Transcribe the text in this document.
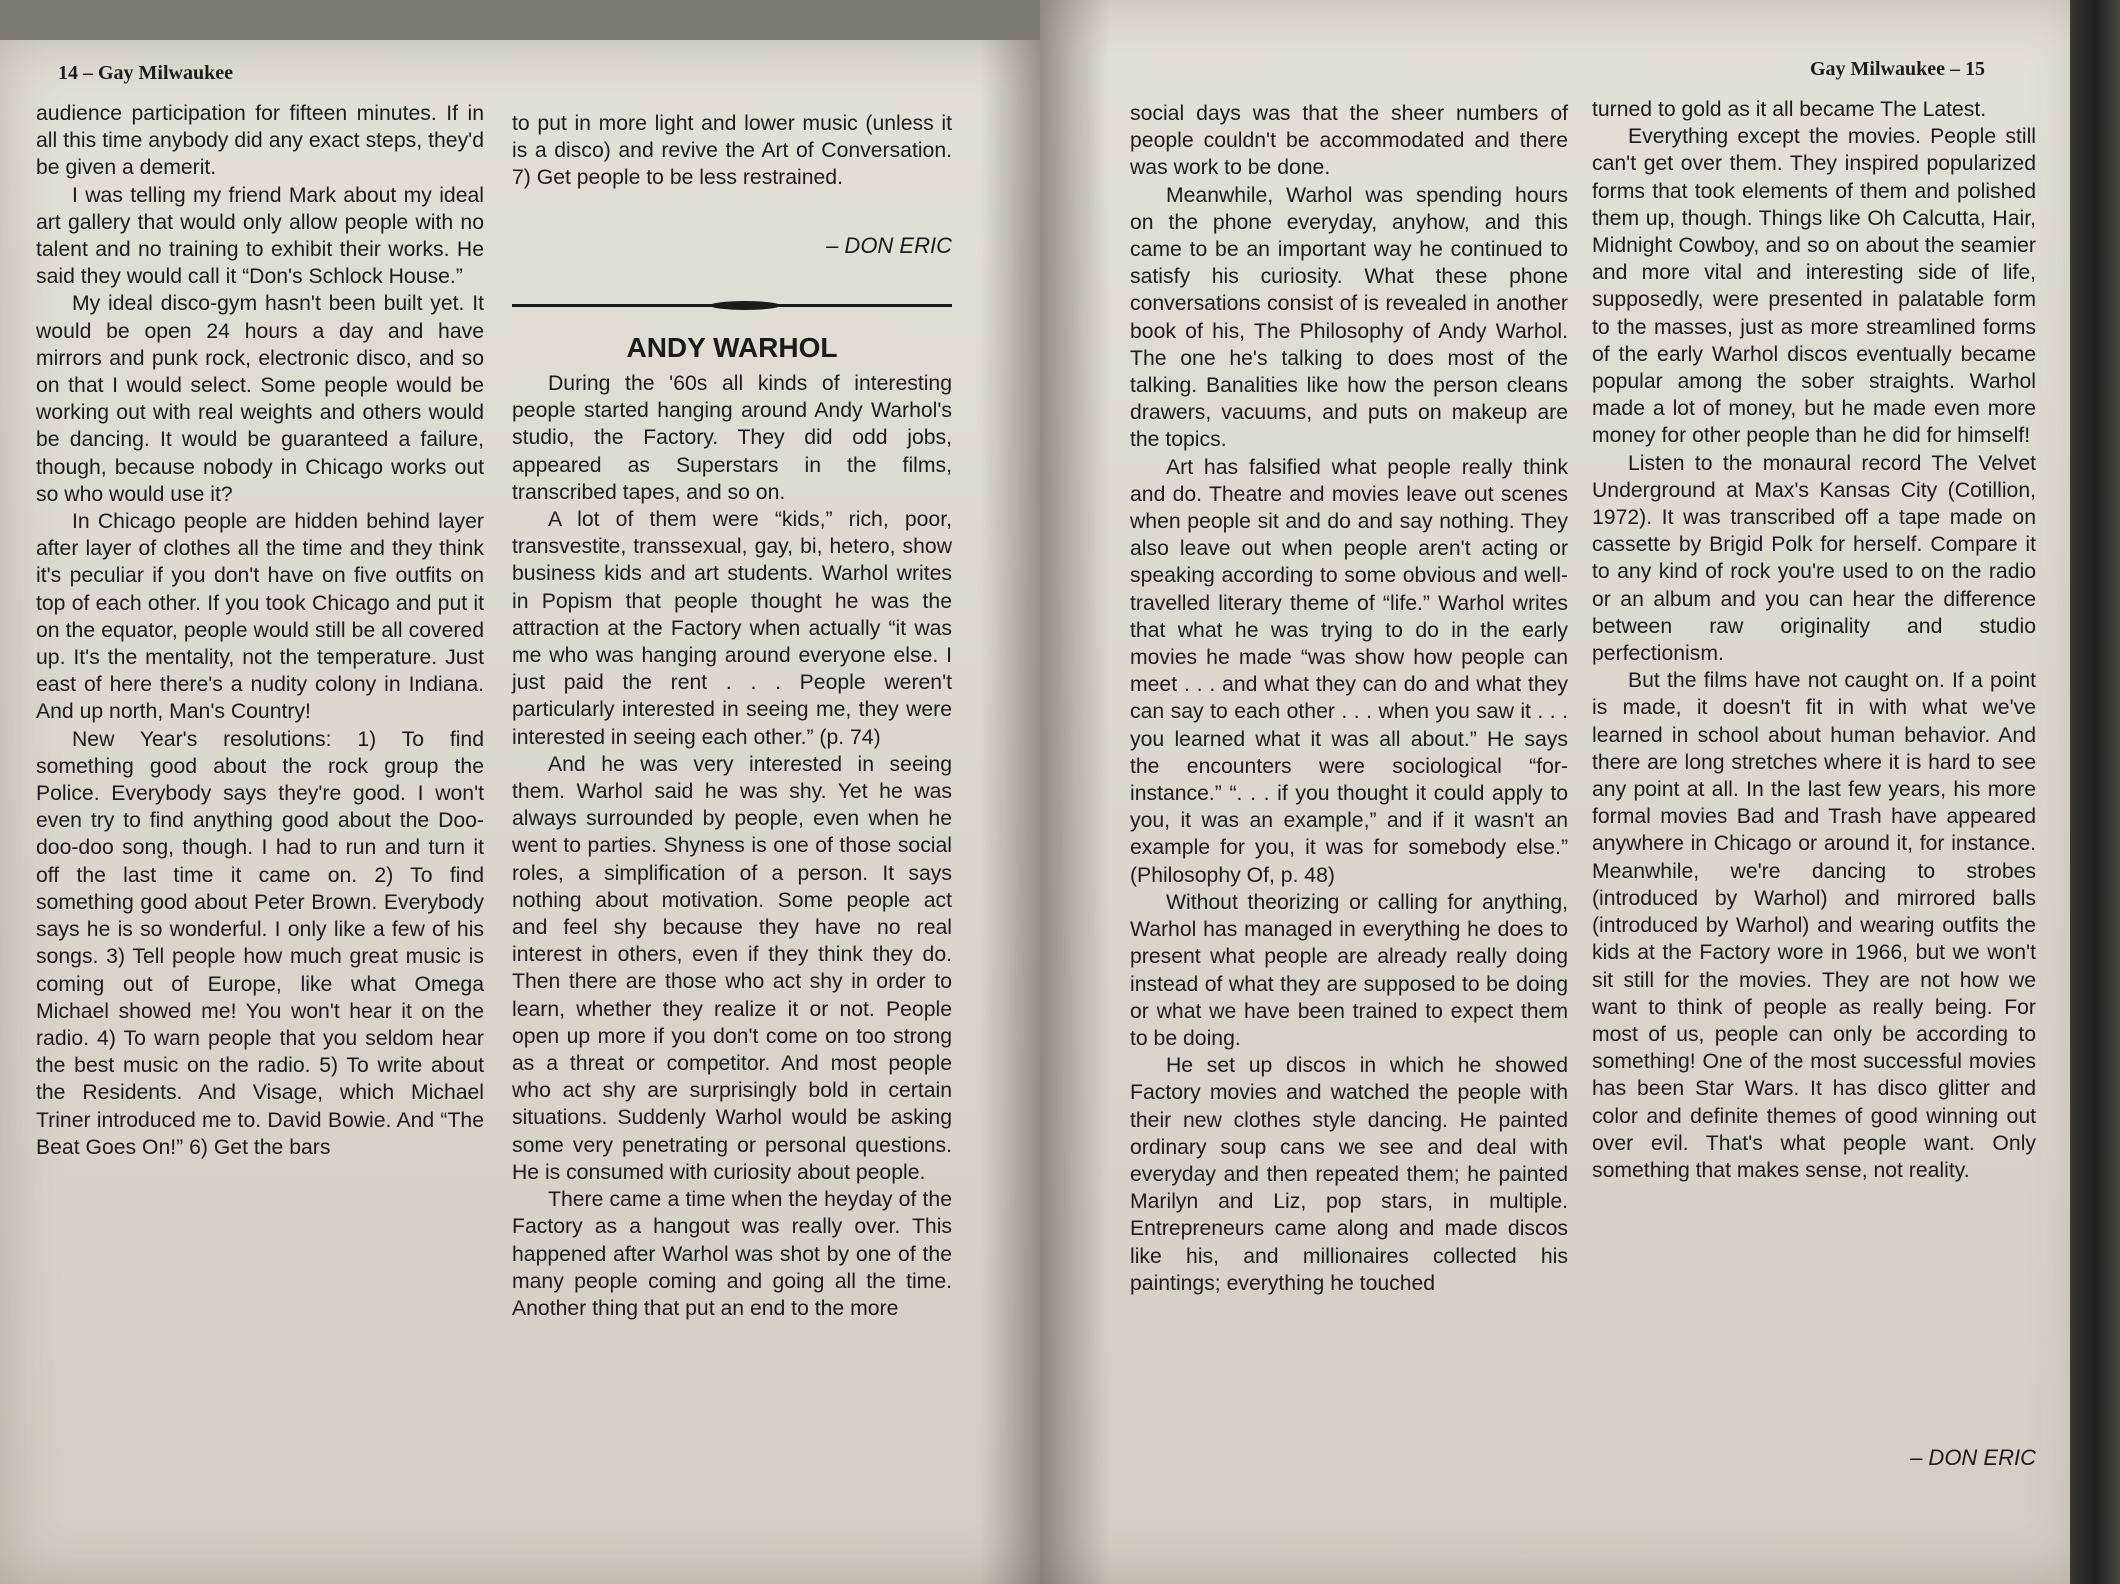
14 – Gay Milwaukee

audience participation for fifteen minutes. If in all this time anybody did any exact steps, they'd be given a demerit.

I was telling my friend Mark about my ideal art gallery that would only allow people with no talent and no training to exhibit their works. He said they would call it “Don's Schlock House.”

My ideal disco-gym hasn't been built yet. It would be open 24 hours a day and have mirrors and punk rock, electronic disco, and so on that I would select. Some people would be working out with real weights and others would be dancing. It would be guaranteed a failure, though, because nobody in Chicago works out so who would use it?

In Chicago people are hidden behind layer after layer of clothes all the time and they think it's peculiar if you don't have on five outfits on top of each other. If you took Chicago and put it on the equator, people would still be all covered up. It's the mentality, not the temperature. Just east of here there's a nudity colony in Indiana. And up north, Man's Country!

New Year's resolutions: 1) To find something good about the rock group the Police. Everybody says they're good. I won't even try to find anything good about the Doo-doo-doo song, though. I had to run and turn it off the last time it came on. 2) To find something good about Peter Brown. Everybody says he is so wonderful. I only like a few of his songs. 3) Tell people how much great music is coming out of Europe, like what Omega Michael showed me! You won't hear it on the radio. 4) To warn people that you seldom hear the best music on the radio. 5) To write about the Residents. And Visage, which Michael Triner introduced me to. David Bowie. And “The Beat Goes On!” 6) Get the bars

to put in more light and lower music (unless it is a disco) and revive the Art of Conversation. 7) Get people to be less restrained.

– DON ERIC

ANDY WARHOL

During the '60s all kinds of interesting people started hanging around Andy Warhol's studio, the Factory. They did odd jobs, appeared as Superstars in the films, transcribed tapes, and so on.

A lot of them were “kids,” rich, poor, transvestite, transsexual, gay, bi, hetero, show business kids and art students. Warhol writes in Popism that people thought he was the attraction at the Factory when actually “it was me who was hanging around everyone else. I just paid the rent . . . People weren't particularly interested in seeing me, they were interested in seeing each other.” (p. 74)

And he was very interested in seeing them. Warhol said he was shy. Yet he was always surrounded by people, even when he went to parties. Shyness is one of those social roles, a simplification of a person. It says nothing about motivation. Some people act and feel shy because they have no real interest in others, even if they think they do. Then there are those who act shy in order to learn, whether they realize it or not. People open up more if you don't come on too strong as a threat or competitor. And most people who act shy are surprisingly bold in certain situations. Suddenly Warhol would be asking some very penetrating or personal questions. He is consumed with curiosity about people.

There came a time when the heyday of the Factory as a hangout was really over. This happened after Warhol was shot by one of the many people coming and going all the time. Another thing that put an end to the more

Gay Milwaukee – 15

social days was that the sheer numbers of people couldn't be accommodated and there was work to be done.

Meanwhile, Warhol was spending hours on the phone everyday, anyhow, and this came to be an important way he continued to satisfy his curiosity. What these phone conversations consist of is revealed in another book of his, The Philosophy of Andy Warhol. The one he's talking to does most of the talking. Banalities like how the person cleans drawers, vacuums, and puts on makeup are the topics.

Art has falsified what people really think and do. Theatre and movies leave out scenes when people sit and do and say nothing. They also leave out when people aren't acting or speaking according to some obvious and well-travelled literary theme of “life.” Warhol writes that what he was trying to do in the early movies he made “was show how people can meet . . . and what they can do and what they can say to each other . . . when you saw it . . . you learned what it was all about.” He says the encounters were sociological “for-instance.” “. . . if you thought it could apply to you, it was an example,” and if it wasn't an example for you, it was for somebody else.” (Philosophy Of, p. 48)

Without theorizing or calling for anything, Warhol has managed in everything he does to present what people are already really doing instead of what they are supposed to be doing or what we have been trained to expect them to be doing.

He set up discos in which he showed Factory movies and watched the people with their new clothes style dancing. He painted ordinary soup cans we see and deal with everyday and then repeated them; he painted Marilyn and Liz, pop stars, in multiple. Entrepreneurs came along and made discos like his, and millionaires collected his paintings; everything he touched

turned to gold as it all became The Latest.

Everything except the movies. People still can't get over them. They inspired popularized forms that took elements of them and polished them up, though. Things like Oh Calcutta, Hair, Midnight Cowboy, and so on about the seamier and more vital and interesting side of life, supposedly, were presented in palatable form to the masses, just as more streamlined forms of the early Warhol discos eventually became popular among the sober straights. Warhol made a lot of money, but he made even more money for other people than he did for himself!

Listen to the monaural record The Velvet Underground at Max's Kansas City (Cotillion, 1972). It was transcribed off a tape made on cassette by Brigid Polk for herself. Compare it to any kind of rock you're used to on the radio or an album and you can hear the difference between raw originality and studio perfectionism.

But the films have not caught on. If a point is made, it doesn't fit in with what we've learned in school about human behavior. And there are long stretches where it is hard to see any point at all. In the last few years, his more formal movies Bad and Trash have appeared anywhere in Chicago or around it, for instance. Meanwhile, we're dancing to strobes (introduced by Warhol) and mirrored balls (introduced by Warhol) and wearing outfits the kids at the Factory wore in 1966, but we won't sit still for the movies. They are not how we want to think of people as really being. For most of us, people can only be according to something! One of the most successful movies has been Star Wars. It has disco glitter and color and definite themes of good winning out over evil. That's what people want. Only something that makes sense, not reality.

– DON ERIC
